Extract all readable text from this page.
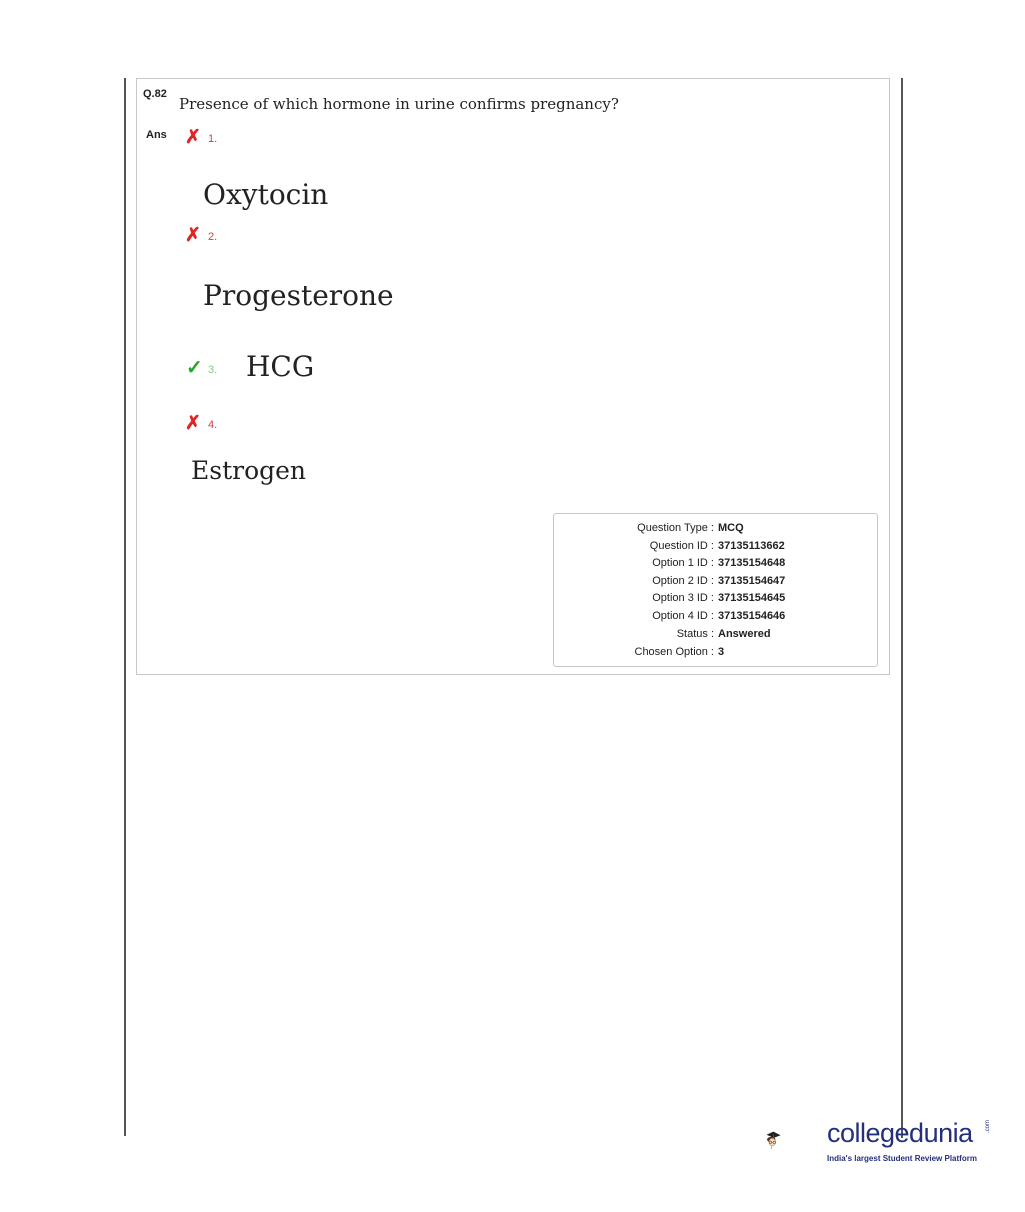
Q.82
Presence of which hormone in urine confirms pregnancy?
Ans ✗ 1.
Oxytocin
✗ 2.
Progesterone
✓ 3. HCG
✗ 4.
Estrogen
Question Type : MCQ
Question ID : 37135113662
Option 1 ID : 37135154648
Option 2 ID : 37135154647
Option 3 ID : 37135154645
Option 4 ID : 37135154646
Status : Answered
Chosen Option : 3
collegedunia .com
India's largest Student Review Platform
